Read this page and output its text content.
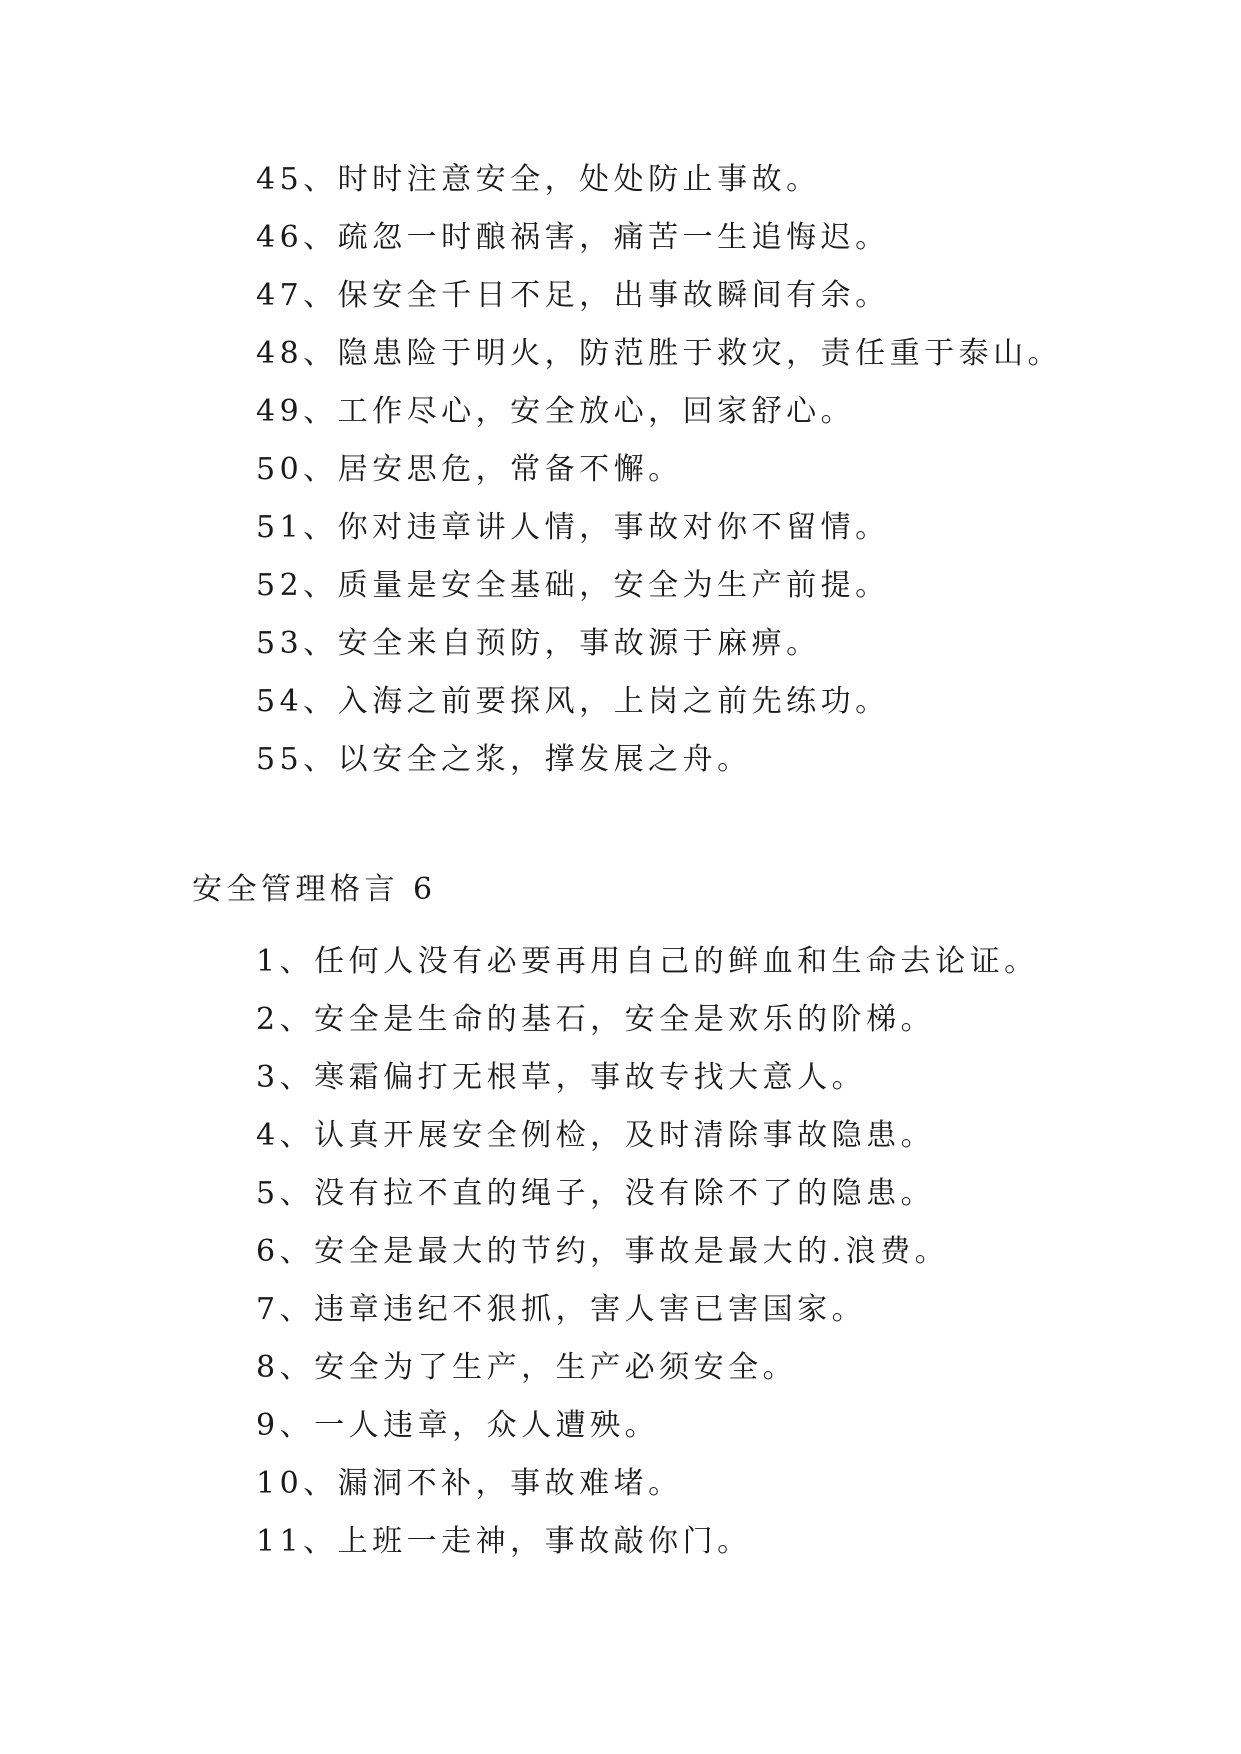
45、时时注意安全，处处防止事故。
46、疏忽一时酿祸害，痛苦一生追悔迟。
47、保安全千日不足，出事故瞬间有余。
48、隐患险于明火，防范胜于救灾，责任重于泰山。
49、工作尽心，安全放心，回家舒心。
50、居安思危，常备不懈。
51、你对违章讲人情，事故对你不留情。
52、质量是安全基础，安全为生产前提。
53、安全来自预防，事故源于麻痹。
54、入海之前要探风，上岗之前先练功。
55、以安全之浆，撑发展之舟。
安全管理格言 6
1、任何人没有必要再用自己的鲜血和生命去论证。
2、安全是生命的基石，安全是欢乐的阶梯。
3、寒霜偏打无根草，事故专找大意人。
4、认真开展安全例检，及时清除事故隐患。
5、没有拉不直的绳子，没有除不了的隐患。
6、安全是最大的节约，事故是最大的.浪费。
7、违章违纪不狠抓，害人害已害国家。
8、安全为了生产，生产必须安全。
9、一人违章，众人遭殃。
10、漏洞不补，事故难堵。
11、上班一走神，事故敲你门。
